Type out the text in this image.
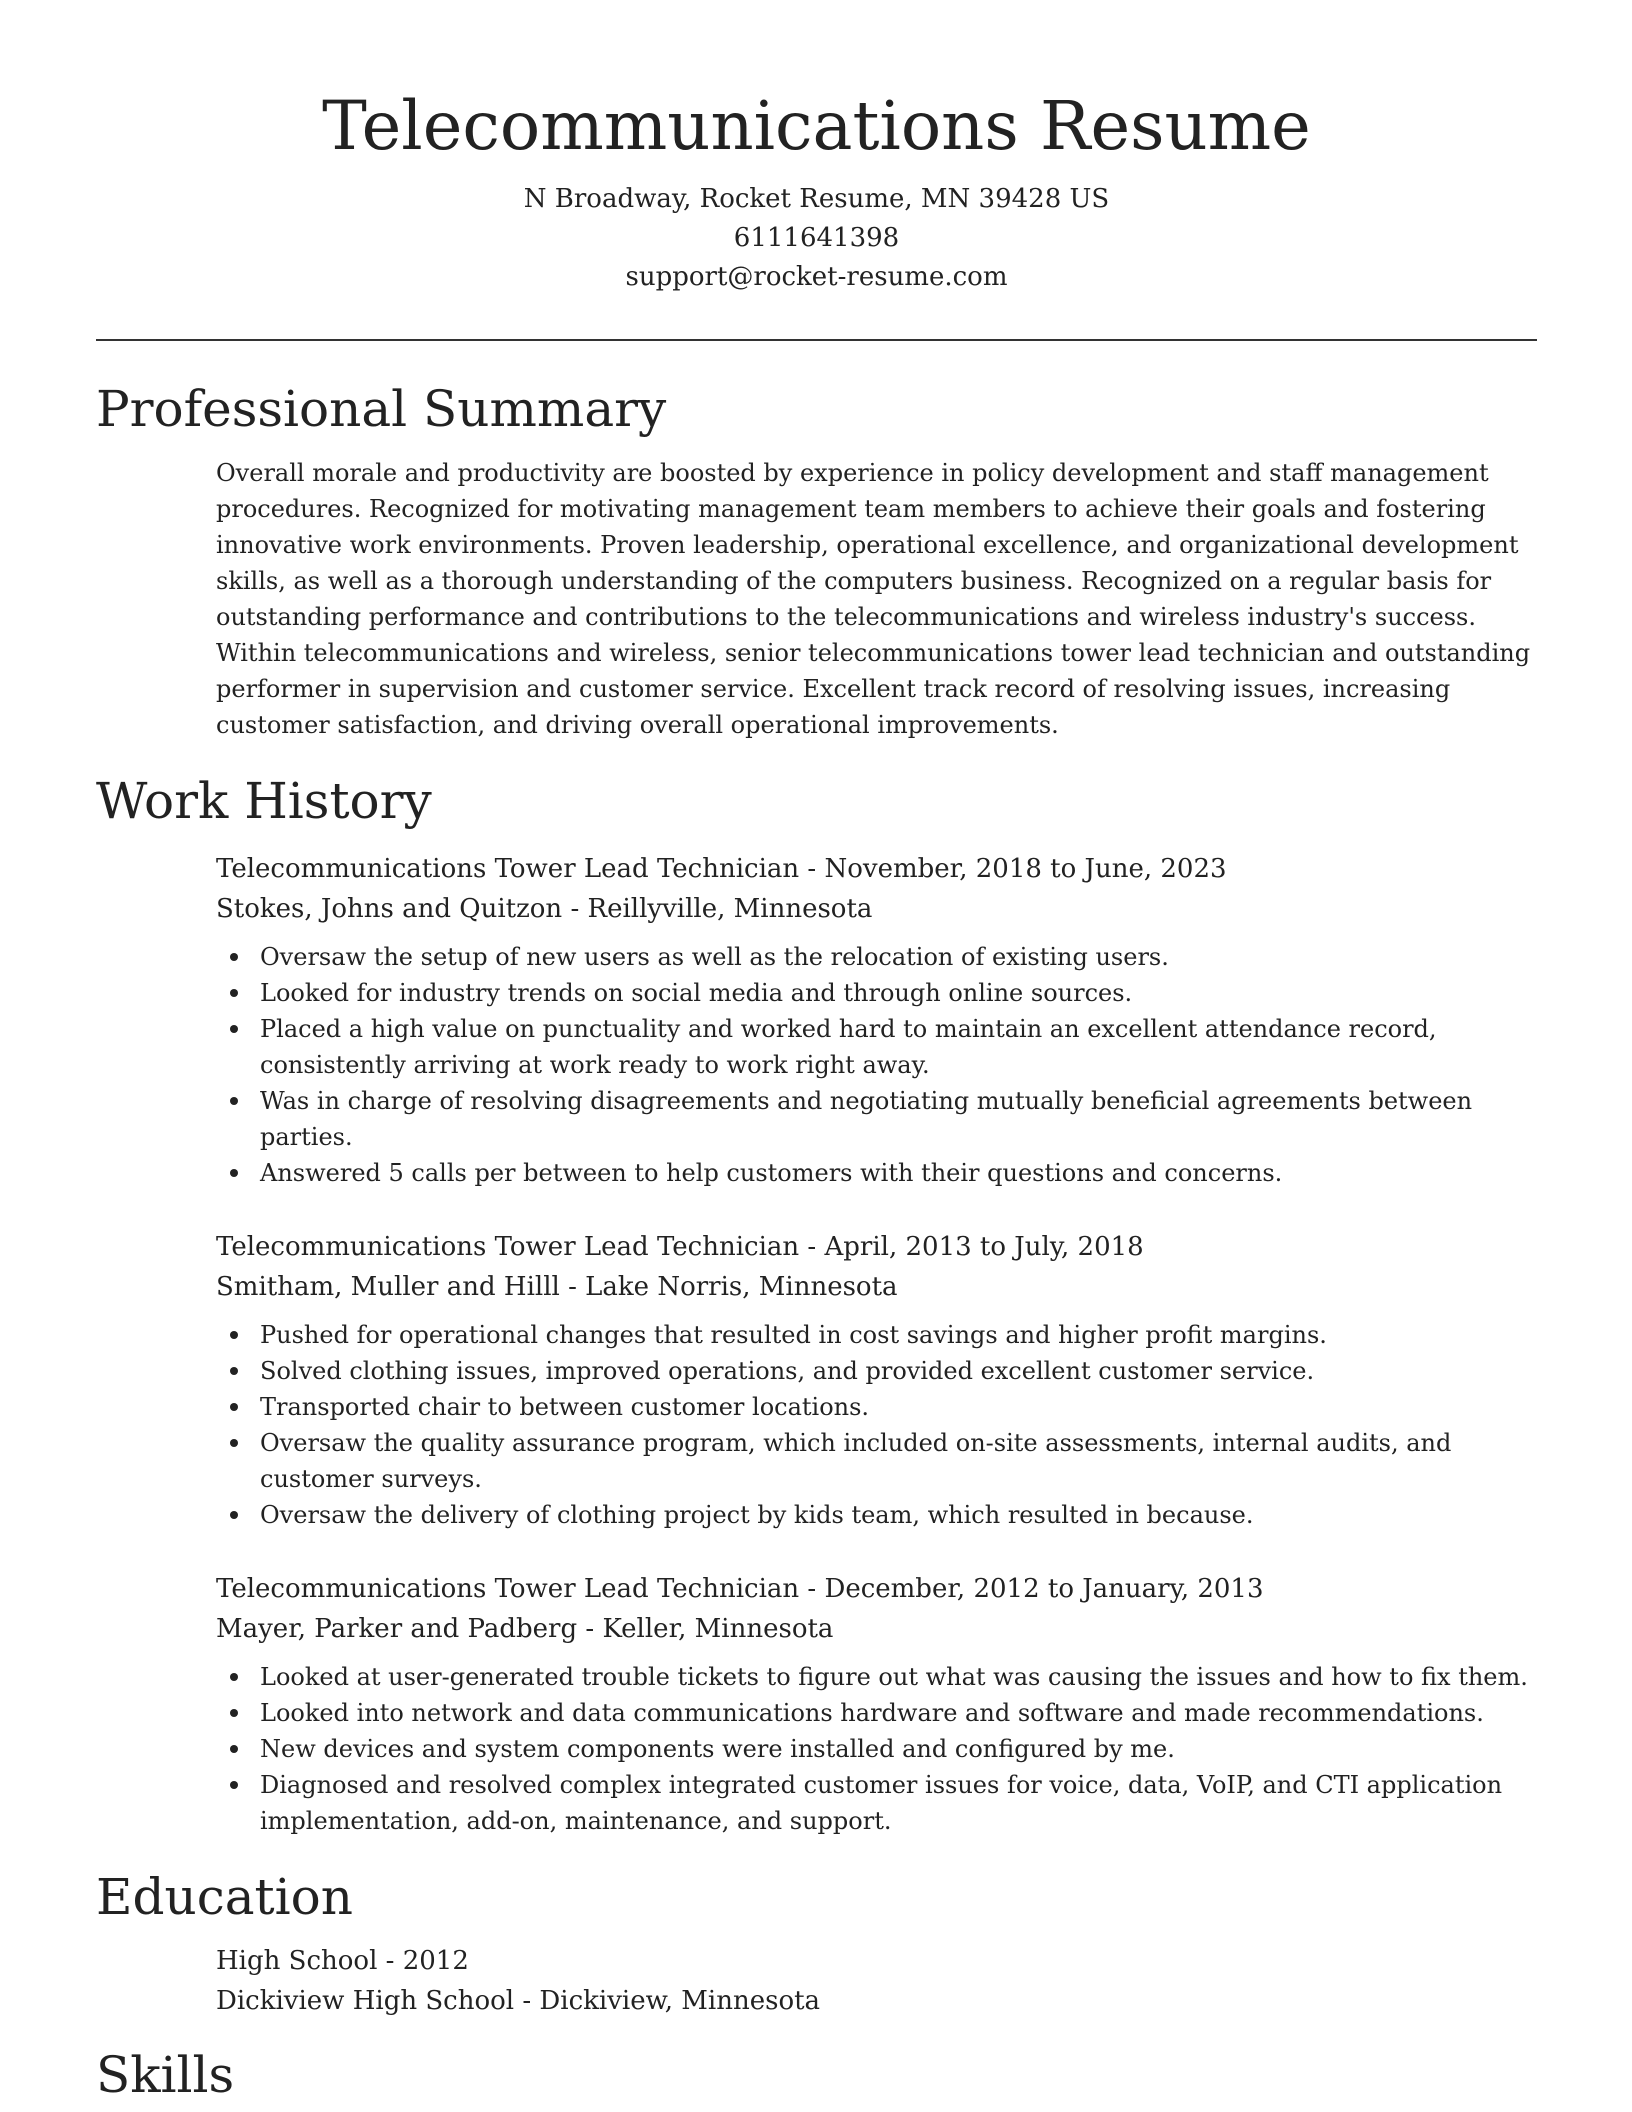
Telecommunications Resume
N Broadway, Rocket Resume, MN 39428 US
6111641398
support@rocket-resume.com
Professional Summary
Overall morale and productivity are boosted by experience in policy development and staff management procedures. Recognized for motivating management team members to achieve their goals and fostering innovative work environments. Proven leadership, operational excellence, and organizational development skills, as well as a thorough understanding of the computers business. Recognized on a regular basis for outstanding performance and contributions to the telecommunications and wireless industry's success. Within telecommunications and wireless, senior telecommunications tower lead technician and outstanding performer in supervision and customer service. Excellent track record of resolving issues, increasing customer satisfaction, and driving overall operational improvements.
Work History
Telecommunications Tower Lead Technician - November, 2018 to June, 2023
Stokes, Johns and Quitzon - Reillyville, Minnesota
Oversaw the setup of new users as well as the relocation of existing users.
Looked for industry trends on social media and through online sources.
Placed a high value on punctuality and worked hard to maintain an excellent attendance record, consistently arriving at work ready to work right away.
Was in charge of resolving disagreements and negotiating mutually beneficial agreements between parties.
Answered 5 calls per between to help customers with their questions and concerns.
Telecommunications Tower Lead Technician - April, 2013 to July, 2018
Smitham, Muller and Hilll - Lake Norris, Minnesota
Pushed for operational changes that resulted in cost savings and higher profit margins.
Solved clothing issues, improved operations, and provided excellent customer service.
Transported chair to between customer locations.
Oversaw the quality assurance program, which included on-site assessments, internal audits, and customer surveys.
Oversaw the delivery of clothing project by kids team, which resulted in because.
Telecommunications Tower Lead Technician - December, 2012 to January, 2013
Mayer, Parker and Padberg - Keller, Minnesota
Looked at user-generated trouble tickets to figure out what was causing the issues and how to fix them.
Looked into network and data communications hardware and software and made recommendations.
New devices and system components were installed and configured by me.
Diagnosed and resolved complex integrated customer issues for voice, data, VoIP, and CTI application implementation, add-on, maintenance, and support.
Education
High School - 2012
Dickiview High School - Dickiview, Minnesota
Skills
